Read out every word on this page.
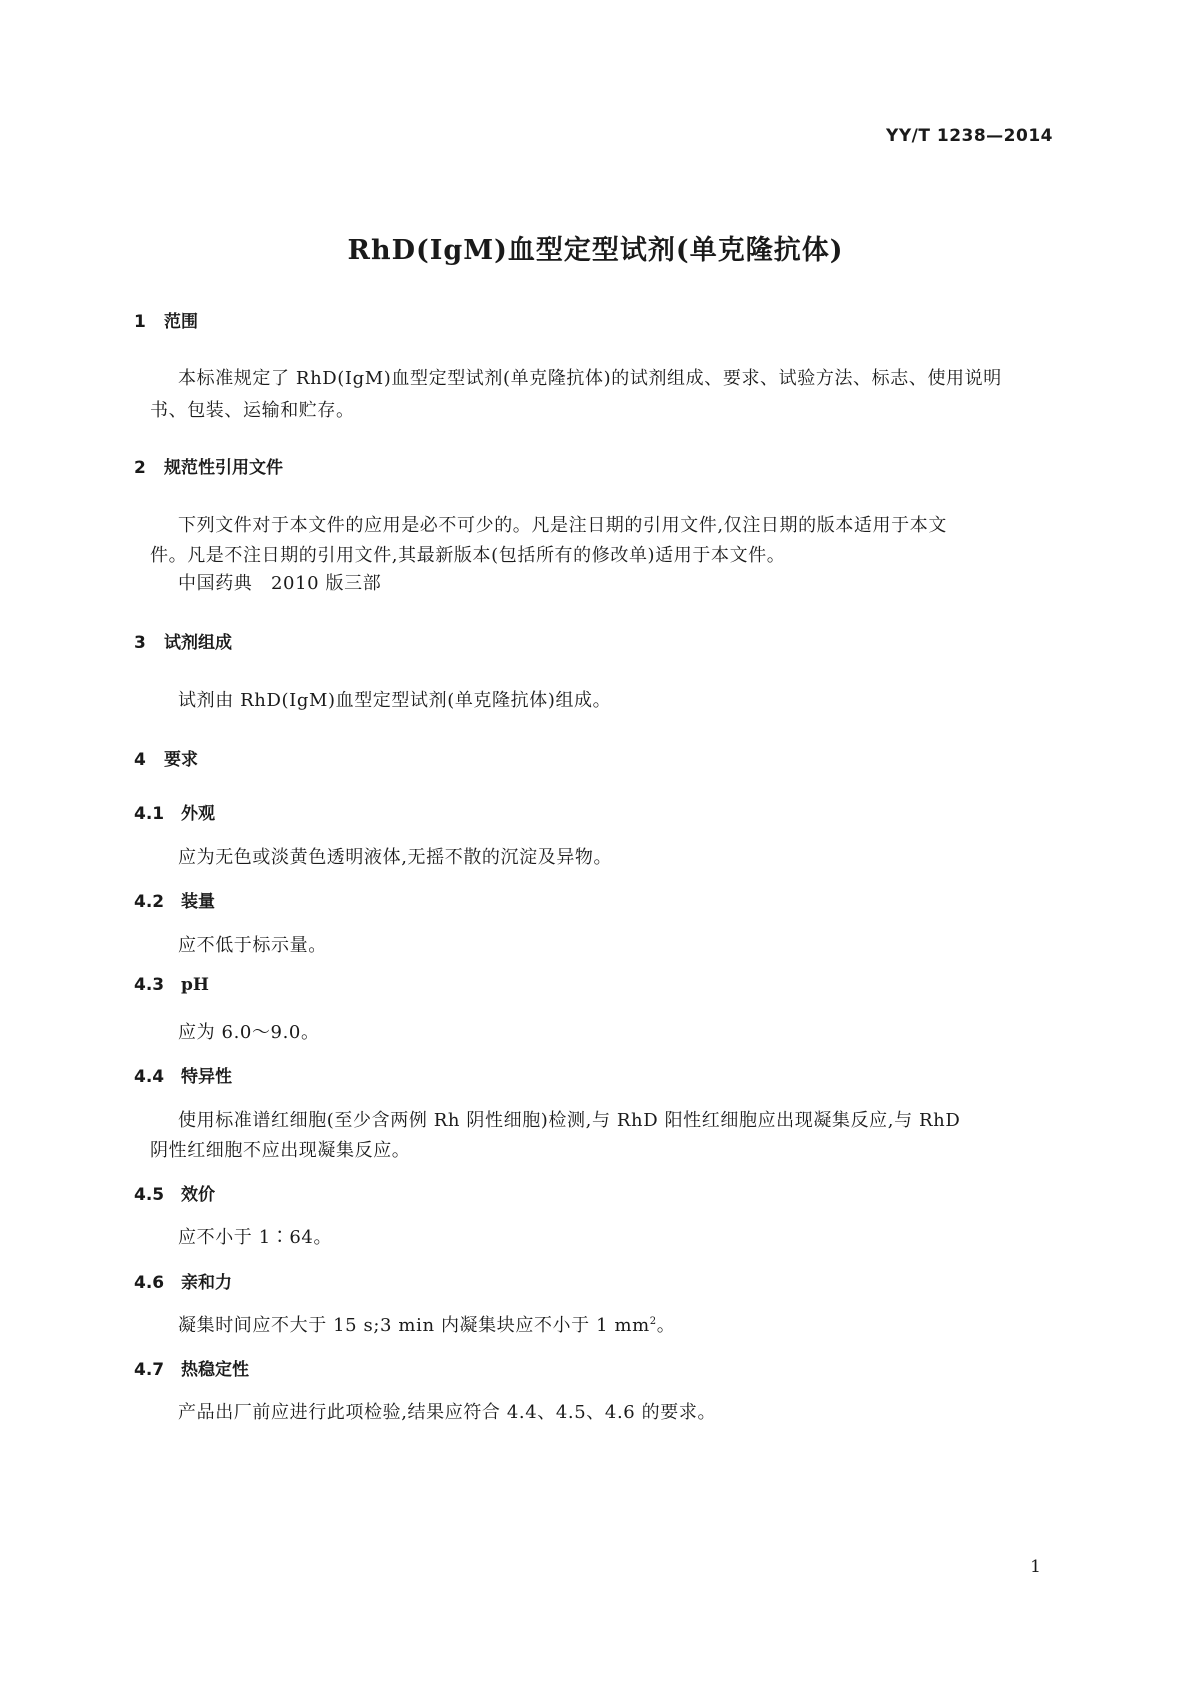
YY/T 1238—2014
RhD(IgM)血型定型试剂(单克隆抗体)
1 范围
本标准规定了 RhD(IgM)血型定型试剂(单克隆抗体)的试剂组成、要求、试验方法、标志、使用说明
书、包装、运输和贮存。
2 规范性引用文件
下列文件对于本文件的应用是必不可少的。凡是注日期的引用文件,仅注日期的版本适用于本文
件。凡是不注日期的引用文件,其最新版本(包括所有的修改单)适用于本文件。
中国药典　2010 版三部
3 试剂组成
试剂由 RhD(IgM)血型定型试剂(单克隆抗体)组成。
4 要求
4.1 外观
应为无色或淡黄色透明液体,无摇不散的沉淀及异物。
4.2 装量
应不低于标示量。
4.3 pH
应为 6.0～9.0。
4.4 特异性
使用标准谱红细胞(至少含两例 Rh 阴性细胞)检测,与 RhD 阳性红细胞应出现凝集反应,与 RhD
阴性红细胞不应出现凝集反应。
4.5 效价
应不小于 1∶64。
4.6 亲和力
凝集时间应不大于 15 s;3 min 内凝集块应不小于 1 $mm^2$。
4.7 热稳定性
产品出厂前应进行此项检验,结果应符合 4.4、4.5、4.6 的要求。
1
